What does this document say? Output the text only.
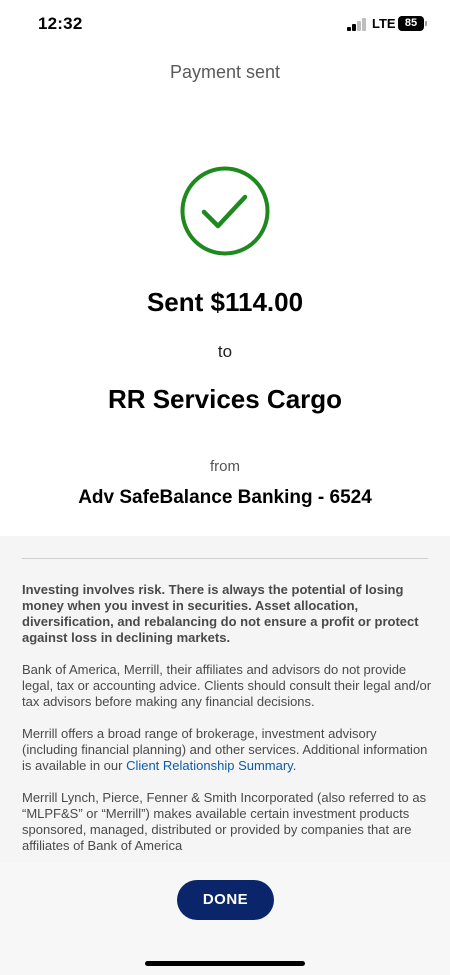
12:32	LTE 85
Payment sent
Sent $114.00
to
RR Services Cargo
from
Adv SafeBalance Banking - 6524

Investing involves risk. There is always the potential of losing money when you invest in securities. Asset allocation, diversification, and rebalancing do not ensure a profit or protect against loss in declining markets.

Bank of America, Merrill, their affiliates and advisors do not provide legal, tax or accounting advice. Clients should consult their legal and/or tax advisors before making any financial decisions.

Merrill offers a broad range of brokerage, investment advisory (including financial planning) and other services. Additional information is available in our Client Relationship Summary.

Merrill Lynch, Pierce, Fenner & Smith Incorporated (also referred to as “MLPF&S” or “Merrill”) makes available certain investment products sponsored, managed, distributed or provided by companies that are affiliates of Bank of America

DONE
